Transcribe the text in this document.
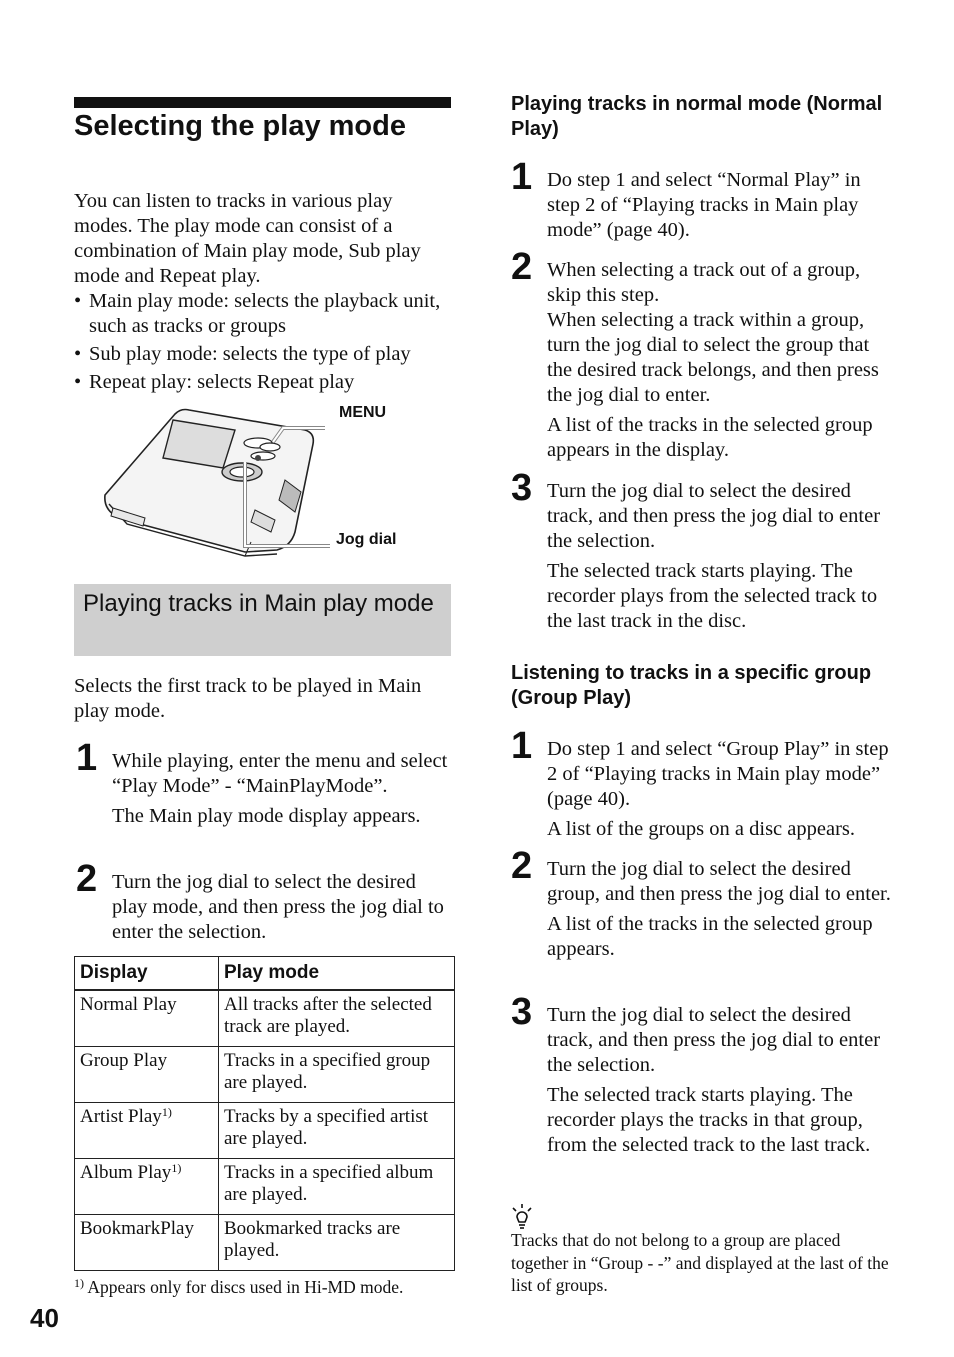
Selecting the play mode
You can listen to tracks in various play modes. The play mode can consist of a combination of Main play mode, Sub play mode and Repeat play.
• Main play mode: selects the playback unit, such as tracks or groups
• Sub play mode: selects the type of play
• Repeat play: selects Repeat play
MENU
Jog dial
Playing tracks in Main play mode
Selects the first track to be played in Main play mode.
1 While playing, enter the menu and select “Play Mode” - “MainPlayMode”.
The Main play mode display appears.
2 Turn the jog dial to select the desired play mode, and then press the jog dial to enter the selection.
Display	Play mode
Normal Play	All tracks after the selected track are played.
Group Play	Tracks in a specified group are played.
Artist Play$^{1)}$	Tracks by a specified artist are played.
Album Play$^{1)}$	Tracks in a specified album are played.
BookmarkPlay	Bookmarked tracks are played.
$^{1)}$ Appears only for discs used in Hi-MD mode.
40
Playing tracks in normal mode (Normal Play)
1 Do step 1 and select “Normal Play” in step 2 of “Playing tracks in Main play mode” (page 40).
2 When selecting a track out of a group, skip this step.
When selecting a track within a group, turn the jog dial to select the group that the desired track belongs, and then press the jog dial to enter.
A list of the tracks in the selected group appears in the display.
3 Turn the jog dial to select the desired track, and then press the jog dial to enter the selection.
The selected track starts playing. The recorder plays from the selected track to the last track in the disc.
Listening to tracks in a specific group (Group Play)
1 Do step 1 and select “Group Play” in step 2 of “Playing tracks in Main play mode” (page 40).
A list of the groups on a disc appears.
2 Turn the jog dial to select the desired group, and then press the jog dial to enter.
A list of the tracks in the selected group appears.
3 Turn the jog dial to select the desired track, and then press the jog dial to enter the selection.
The selected track starts playing. The recorder plays the tracks in that group, from the selected track to the last track.
Tracks that do not belong to a group are placed together in “Group - -” and displayed at the last of the list of groups.
